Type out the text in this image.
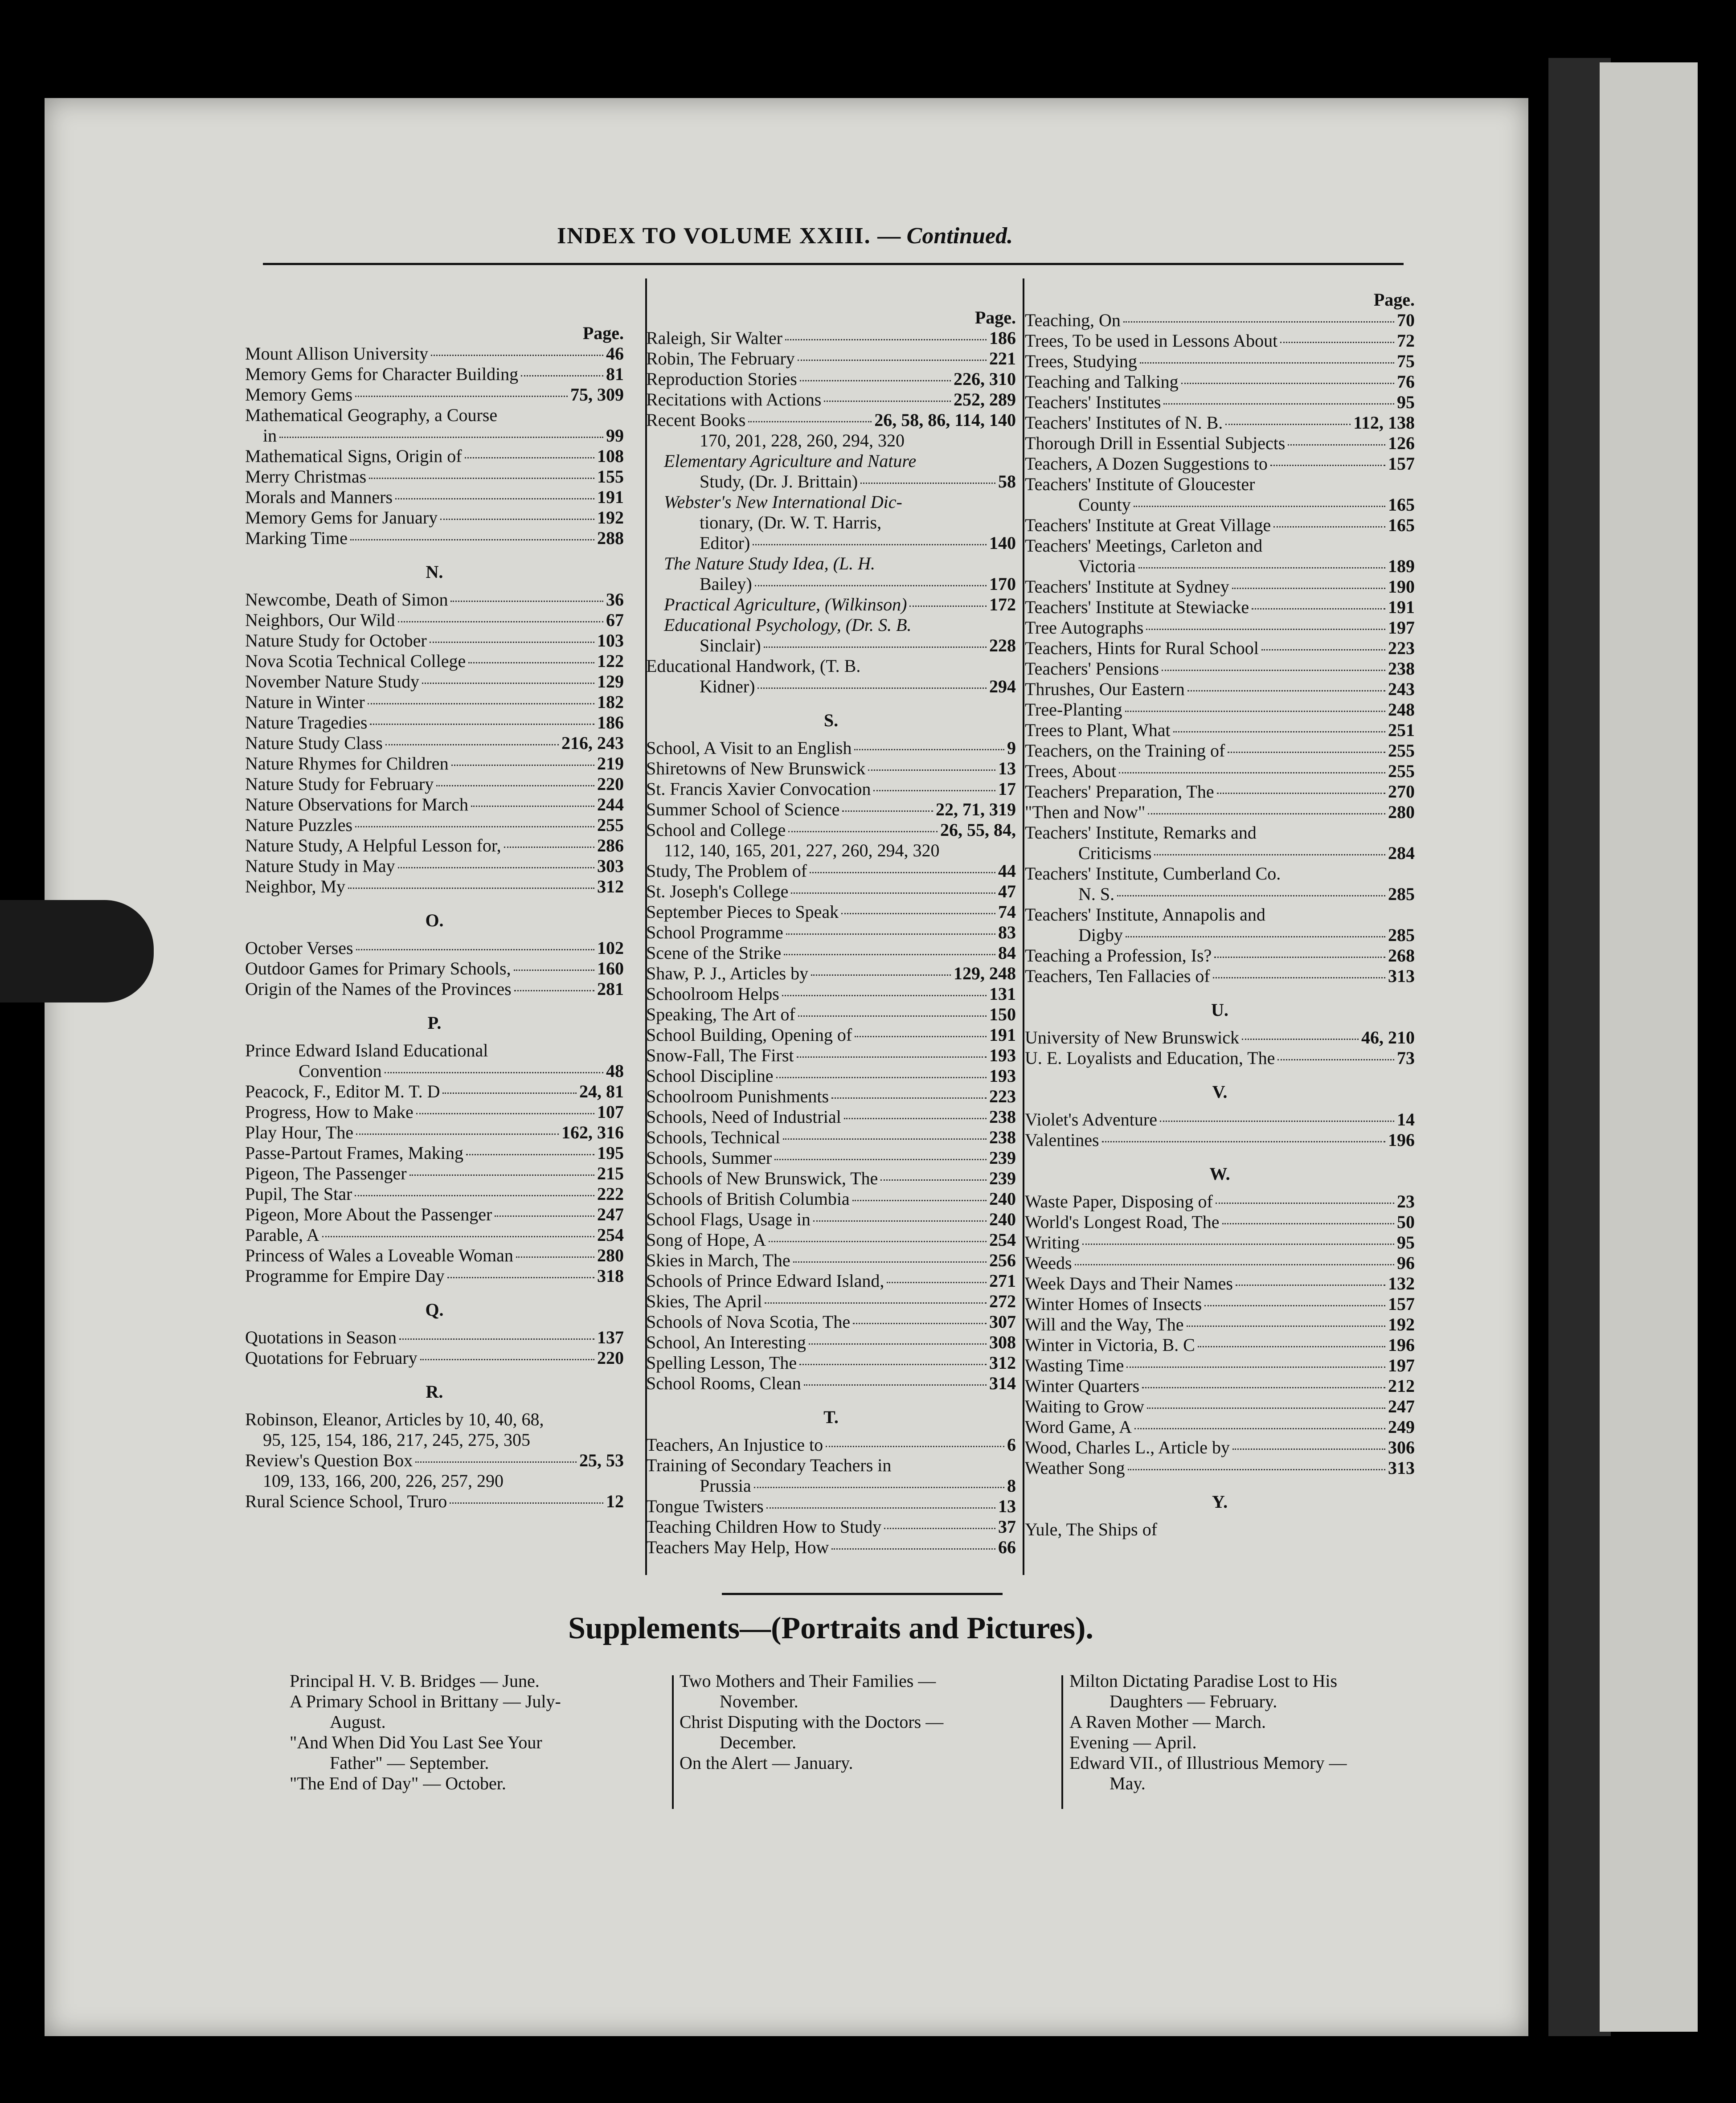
INDEX TO VOLUME XXIII. — Continued.
Page.
Mount Allison University	46
Memory Gems for Character Building	81
Memory Gems	75, 309
Mathematical Geography, a Course
in	99
Mathematical Signs, Origin of	108
Merry Christmas	155
Morals and Manners	191
Memory Gems for January	192
Marking Time	288
N.
Newcombe, Death of Simon	36
Neighbors, Our Wild	67
Nature Study for October	103
Nova Scotia Technical College	122
November Nature Study	129
Nature in Winter	182
Nature Tragedies	186
Nature Study Class	216, 243
Nature Rhymes for Children	219
Nature Study for February	220
Nature Observations for March	244
Nature Puzzles	255
Nature Study, A Helpful Lesson for,	286
Nature Study in May	303
Neighbor, My	312
O.
October Verses	102
Outdoor Games for Primary Schools,	160
Origin of the Names of the Provinces	281
P.
Prince Edward Island Educational
Convention	48
Peacock, F., Editor M. T. D	24, 81
Progress, How to Make	107
Play Hour, The	162, 316
Passe-Partout Frames, Making	195
Pigeon, The Passenger	215
Pupil, The Star	222
Pigeon, More About the Passenger	247
Parable, A	254
Princess of Wales a Loveable Woman	280
Programme for Empire Day	318
Q.
Quotations in Season	137
Quotations for February	220
R.
Robinson, Eleanor, Articles by 10, 40, 68,
95, 125, 154, 186, 217, 245, 275, 305
Review's Question Box	25, 53
109, 133, 166, 200, 226, 257, 290
Rural Science School, Truro	12
Page.
Raleigh, Sir Walter	186
Robin, The February	221
Reproduction Stories	226, 310
Recitations with Actions	252, 289
Recent Books	26, 58, 86, 114, 140
170, 201, 228, 260, 294, 320
Elementary Agriculture and Nature
Study, (Dr. J. Brittain)	58
Webster's New International Dic-
tionary, (Dr. W. T. Harris,
Editor)	140
The Nature Study Idea, (L. H.
Bailey)	170
Practical Agriculture, (Wilkinson)	172
Educational Psychology, (Dr. S. B.
Sinclair)	228
Educational Handwork, (T. B.
Kidner)	294
S.
School, A Visit to an English	9
Shiretowns of New Brunswick	13
St. Francis Xavier Convocation	17
Summer School of Science	22, 71, 319
School and College	26, 55, 84,
112, 140, 165, 201, 227, 260, 294, 320
Study, The Problem of	44
St. Joseph's College	47
September Pieces to Speak	74
School Programme	83
Scene of the Strike	84
Shaw, P. J., Articles by	129, 248
Schoolroom Helps	131
Speaking, The Art of	150
School Building, Opening of	191
Snow-Fall, The First	193
School Discipline	193
Schoolroom Punishments	223
Schools, Need of Industrial	238
Schools, Technical	238
Schools, Summer	239
Schools of New Brunswick, The	239
Schools of British Columbia	240
School Flags, Usage in	240
Song of Hope, A	254
Skies in March, The	256
Schools of Prince Edward Island,	271
Skies, The April	272
Schools of Nova Scotia, The	307
School, An Interesting	308
Spelling Lesson, The	312
School Rooms, Clean	314
T.
Teachers, An Injustice to	6
Training of Secondary Teachers in
Prussia	8
Tongue Twisters	13
Teaching Children How to Study	37
Teachers May Help, How	66
Page.
Teaching, On	70
Trees, To be used in Lessons About	72
Trees, Studying	75
Teaching and Talking	76
Teachers' Institutes	95
Teachers' Institutes of N. B.	112, 138
Thorough Drill in Essential Subjects	126
Teachers, A Dozen Suggestions to	157
Teachers' Institute of Gloucester
County	165
Teachers' Institute at Great Village	165
Teachers' Meetings, Carleton and
Victoria	189
Teachers' Institute at Sydney	190
Teachers' Institute at Stewiacke	191
Tree Autographs	197
Teachers, Hints for Rural School	223
Teachers' Pensions	238
Thrushes, Our Eastern	243
Tree-Planting	248
Trees to Plant, What	251
Teachers, on the Training of	255
Trees, About	255
Teachers' Preparation, The	270
"Then and Now"	280
Teachers' Institute, Remarks and
Criticisms	284
Teachers' Institute, Cumberland Co.
N. S.	285
Teachers' Institute, Annapolis and
Digby	285
Teaching a Profession, Is?	268
Teachers, Ten Fallacies of	313
U.
University of New Brunswick	46, 210
U. E. Loyalists and Education, The	73
V.
Violet's Adventure	14
Valentines	196
W.
Waste Paper, Disposing of	23
World's Longest Road, The	50
Writing	95
Weeds	96
Week Days and Their Names	132
Winter Homes of Insects	157
Will and the Way, The	192
Winter in Victoria, B. C	196
Wasting Time	197
Winter Quarters	212
Waiting to Grow	247
Word Game, A	249
Wood, Charles L., Article by	306
Weather Song	313
Y.
Yule, The Ships of
Supplements—(Portraits and Pictures).
Principal H. V. B. Bridges — June.
A Primary School in Brittany — July-
August.
"And When Did You Last See Your
Father" — September.
"The End of Day" — October.
Two Mothers and Their Families —
November.
Christ Disputing with the Doctors —
December.
On the Alert — January.
Milton Dictating Paradise Lost to His
Daughters — February.
A Raven Mother — March.
Evening — April.
Edward VII., of Illustrious Memory —
May.
